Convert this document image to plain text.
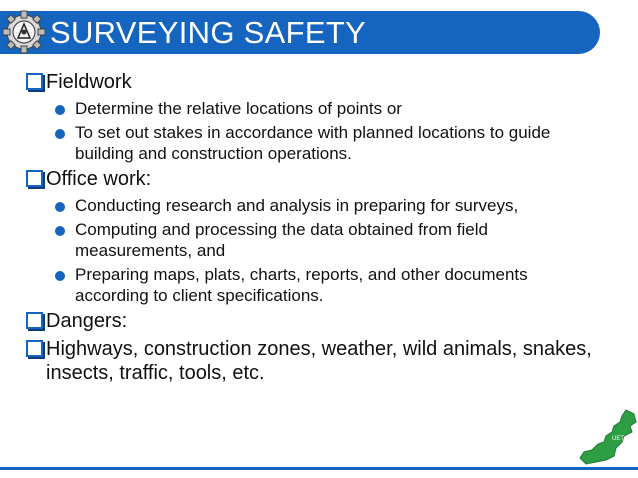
SURVEYING SAFETY
Fieldwork
Determine the relative locations of points or
To set out stakes in accordance with planned locations to guide building and construction operations.
Office work:
Conducting research and analysis in preparing for surveys,
Computing and processing the data obtained from field measurements, and
Preparing maps, plats, charts, reports, and other documents according to client specifications.
Dangers:
Highways, construction zones, weather, wild animals, snakes, insects, traffic, tools, etc.
UET
